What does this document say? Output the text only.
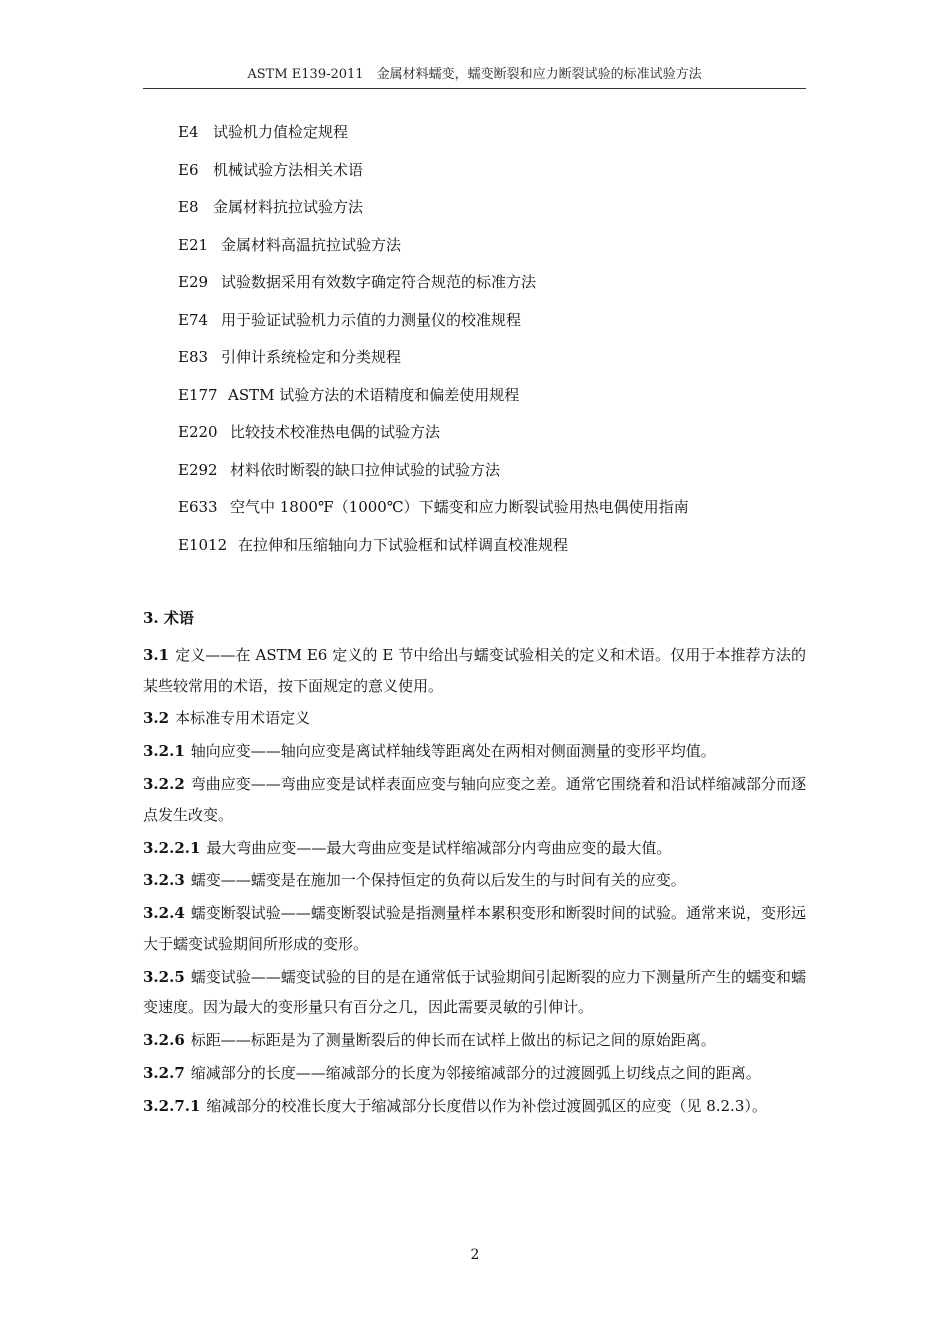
ASTM E139-2011　金属材料蠕变，蠕变断裂和应力断裂试验的标准试验方法
E4 试验机力值检定规程
E6 机械试验方法相关术语
E8 金属材料抗拉试验方法
E21 金属材料高温抗拉试验方法
E29 试验数据采用有效数字确定符合规范的标准方法
E74 用于验证试验机力示值的力测量仪的校准规程
E83 引伸计系统检定和分类规程
E177 ASTM 试验方法的术语精度和偏差使用规程
E220 比较技术校准热电偶的试验方法
E292 材料依时断裂的缺口拉伸试验的试验方法
E633 空气中 1800℉（1000℃）下蠕变和应力断裂试验用热电偶使用指南
E1012 在拉伸和压缩轴向力下试验框和试样调直校准规程
3. 术语

3.1 定义——在 ASTM E6 定义的 E 节中给出与蠕变试验相关的定义和术语。仅用于本推荐方法的某些较常用的术语，按下面规定的意义使用。

3.2 本标准专用术语定义

3.2.1 轴向应变——轴向应变是离试样轴线等距离处在两相对侧面测量的变形平均值。

3.2.2 弯曲应变——弯曲应变是试样表面应变与轴向应变之差。通常它围绕着和沿试样缩减部分而逐点发生改变。

3.2.2.1 最大弯曲应变——最大弯曲应变是试样缩减部分内弯曲应变的最大值。

3.2.3 蠕变——蠕变是在施加一个保持恒定的负荷以后发生的与时间有关的应变。

3.2.4 蠕变断裂试验——蠕变断裂试验是指测量样本累积变形和断裂时间的试验。通常来说，变形远大于蠕变试验期间所形成的变形。

3.2.5 蠕变试验——蠕变试验的目的是在通常低于试验期间引起断裂的应力下测量所产生的蠕变和蠕变速度。因为最大的变形量只有百分之几，因此需要灵敏的引伸计。

3.2.6 标距——标距是为了测量断裂后的伸长而在试样上做出的标记之间的原始距离。

3.2.7 缩减部分的长度——缩减部分的长度为邻接缩减部分的过渡圆弧上切线点之间的距离。

3.2.7.1 缩减部分的校准长度大于缩减部分长度借以作为补偿过渡圆弧区的应变（见 8.2.3）。

2
